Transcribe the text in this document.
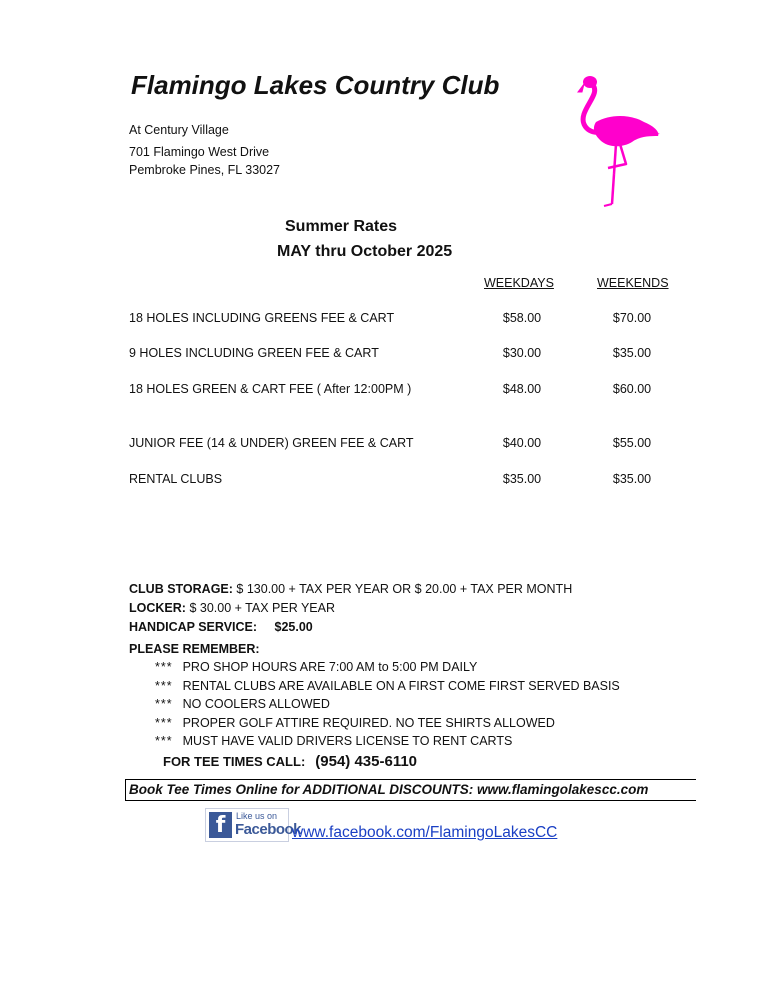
Flamingo Lakes Country Club
At Century Village
701 Flamingo West Drive
Pembroke Pines, FL 33027
Summer Rates
MAY thru October 2025
WEEKDAYS	WEEKENDS
18 HOLES INCLUDING GREENS FEE & CART	$58.00	$70.00
9 HOLES INCLUDING GREEN FEE & CART	$30.00	$35.00
18 HOLES GREEN & CART FEE ( After 12:00PM )	$48.00	$60.00
JUNIOR FEE (14 & UNDER) GREEN FEE & CART	$40.00	$55.00
RENTAL CLUBS	$35.00	$35.00
CLUB STORAGE: $ 130.00 + TAX PER YEAR OR $ 20.00 + TAX PER MONTH
LOCKER: $ 30.00 + TAX PER YEAR
HANDICAP SERVICE: $25.00
PLEASE REMEMBER:
*** PRO SHOP HOURS ARE 7:00 AM to 5:00 PM DAILY
*** RENTAL CLUBS ARE AVAILABLE ON A FIRST COME FIRST SERVED BASIS
*** NO COOLERS ALLOWED
*** PROPER GOLF ATTIRE REQUIRED. NO TEE SHIRTS ALLOWED
*** MUST HAVE VALID DRIVERS LICENSE TO RENT CARTS
FOR TEE TIMES CALL: (954) 435-6110
Book Tee Times Online for ADDITIONAL DISCOUNTS: www.flamingolakescc.com
f	Like us on
Facebook
www.facebook.com/FlamingoLakesCC
